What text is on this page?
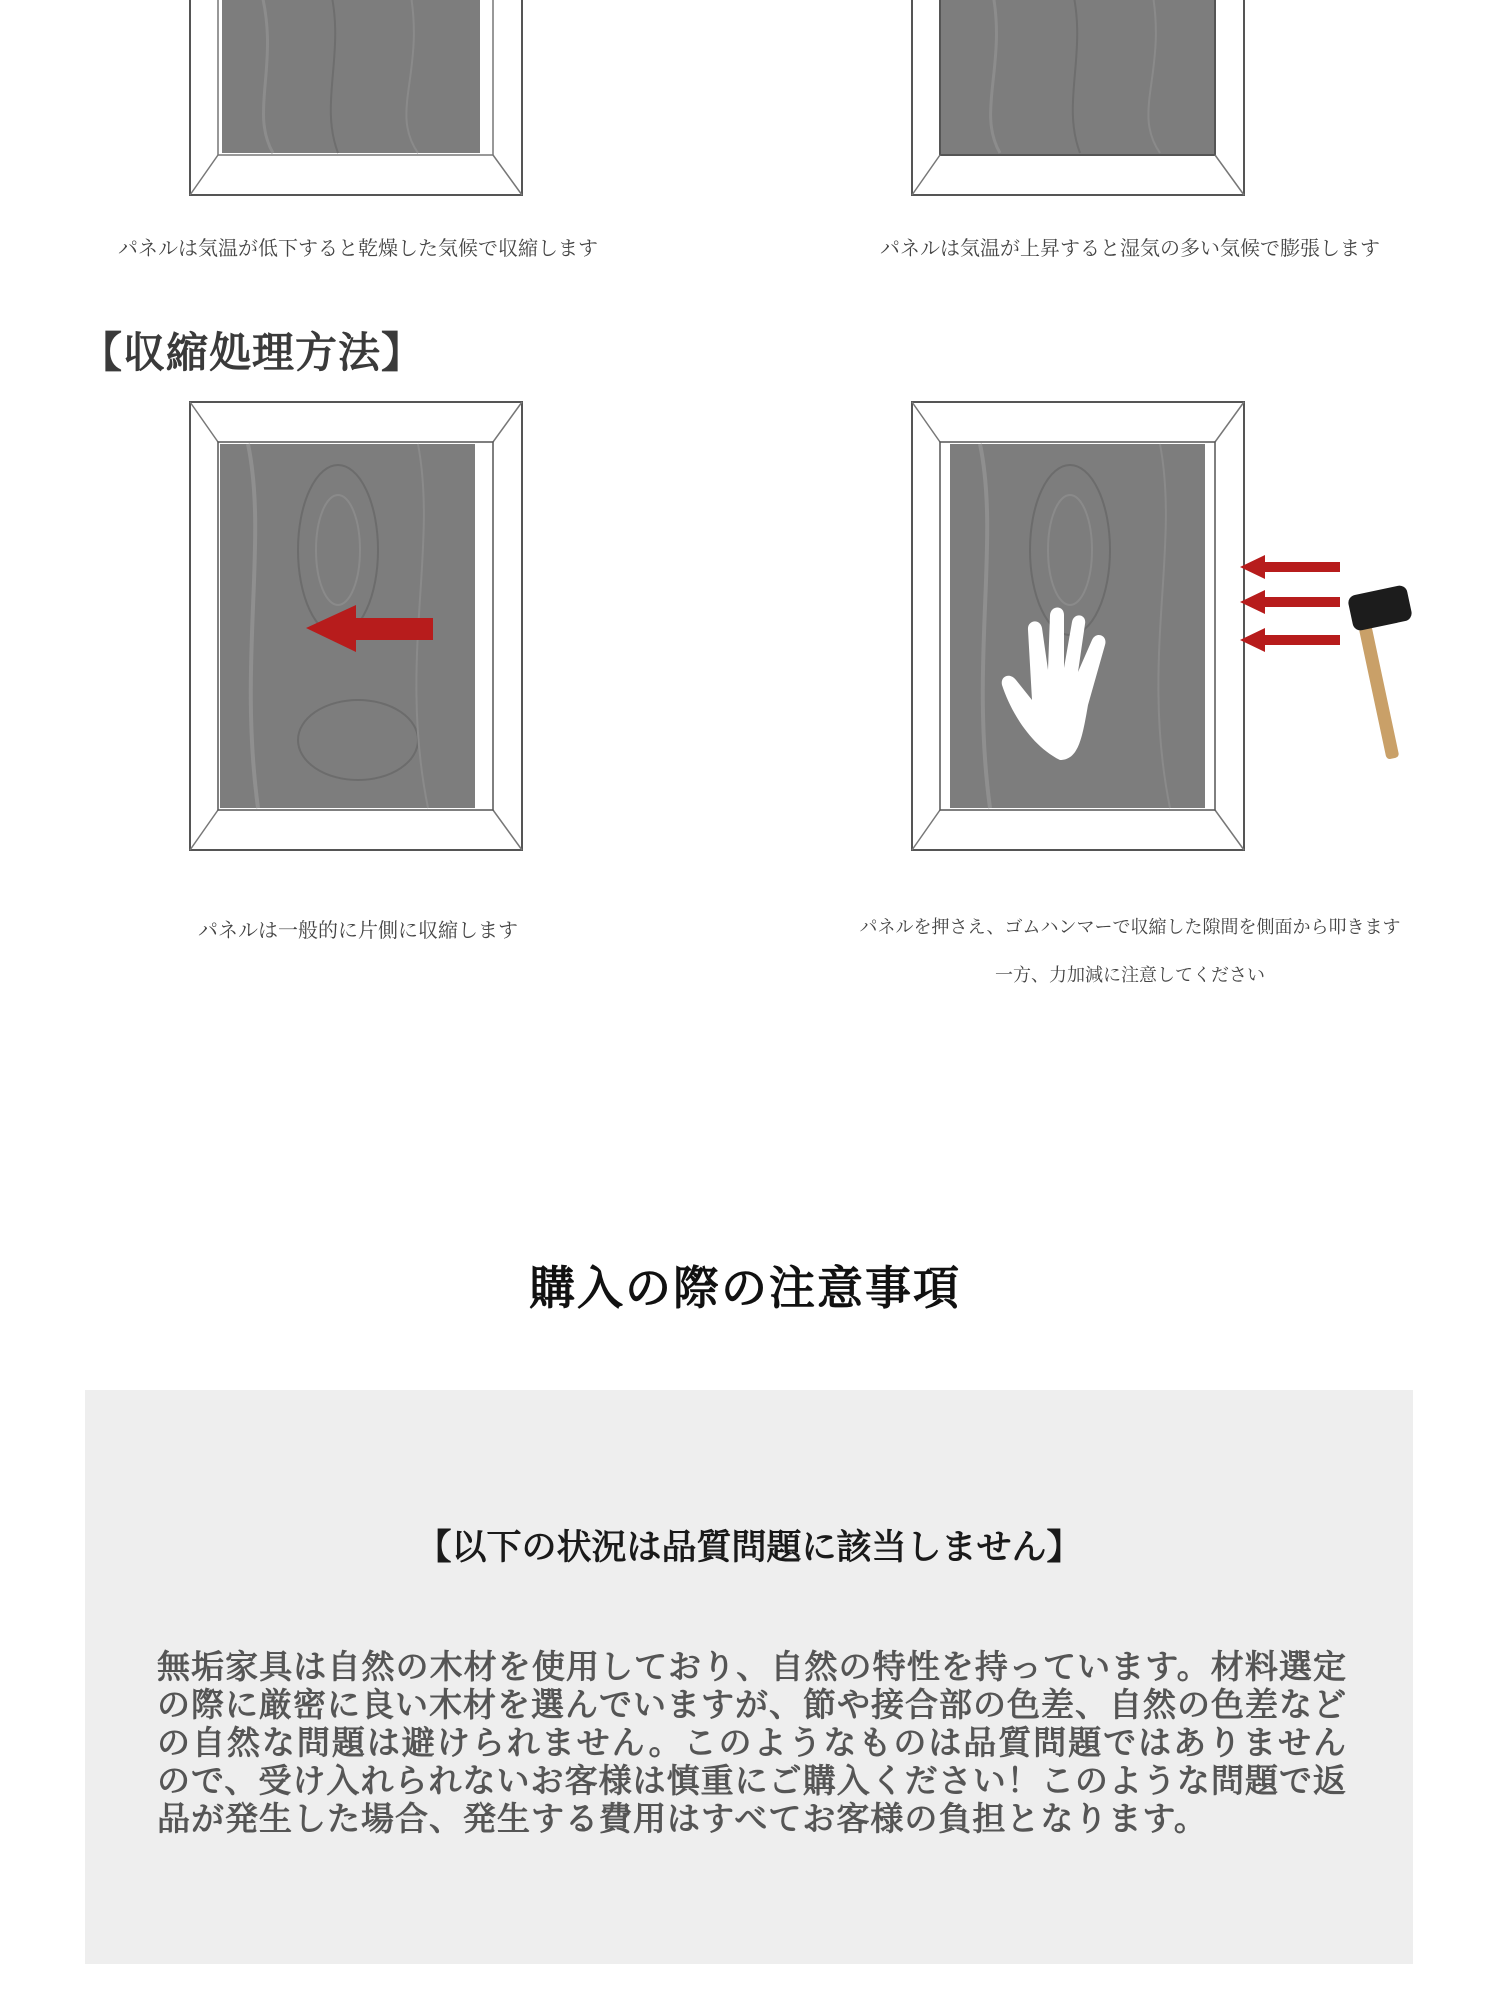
パネルは気温が低下すると乾燥した気候で収縮します	パネルは気温が上昇すると湿気の多い気候で膨張します
【収縮処理方法】
パネルは一般的に片側に収縮します	パネルを押さえ、ゴムハンマーで収縮した隙間を側面から叩きます
一方、力加減に注意してください
購入の際の注意事項
【以下の状況は品質問題に該当しません】

無垢家具は自然の木材を使用しており、自然の特性を持っています。材料選定の際に厳密に良い木材を選んでいますが、節や接合部の色差、自然の色差などの自然な問題は避けられません。このようなものは品質問題ではありませんので、受け入れられないお客様は慎重にご購入ください！このような問題で返品が発生した場合、発生する費用はすべてお客様の負担となります。
